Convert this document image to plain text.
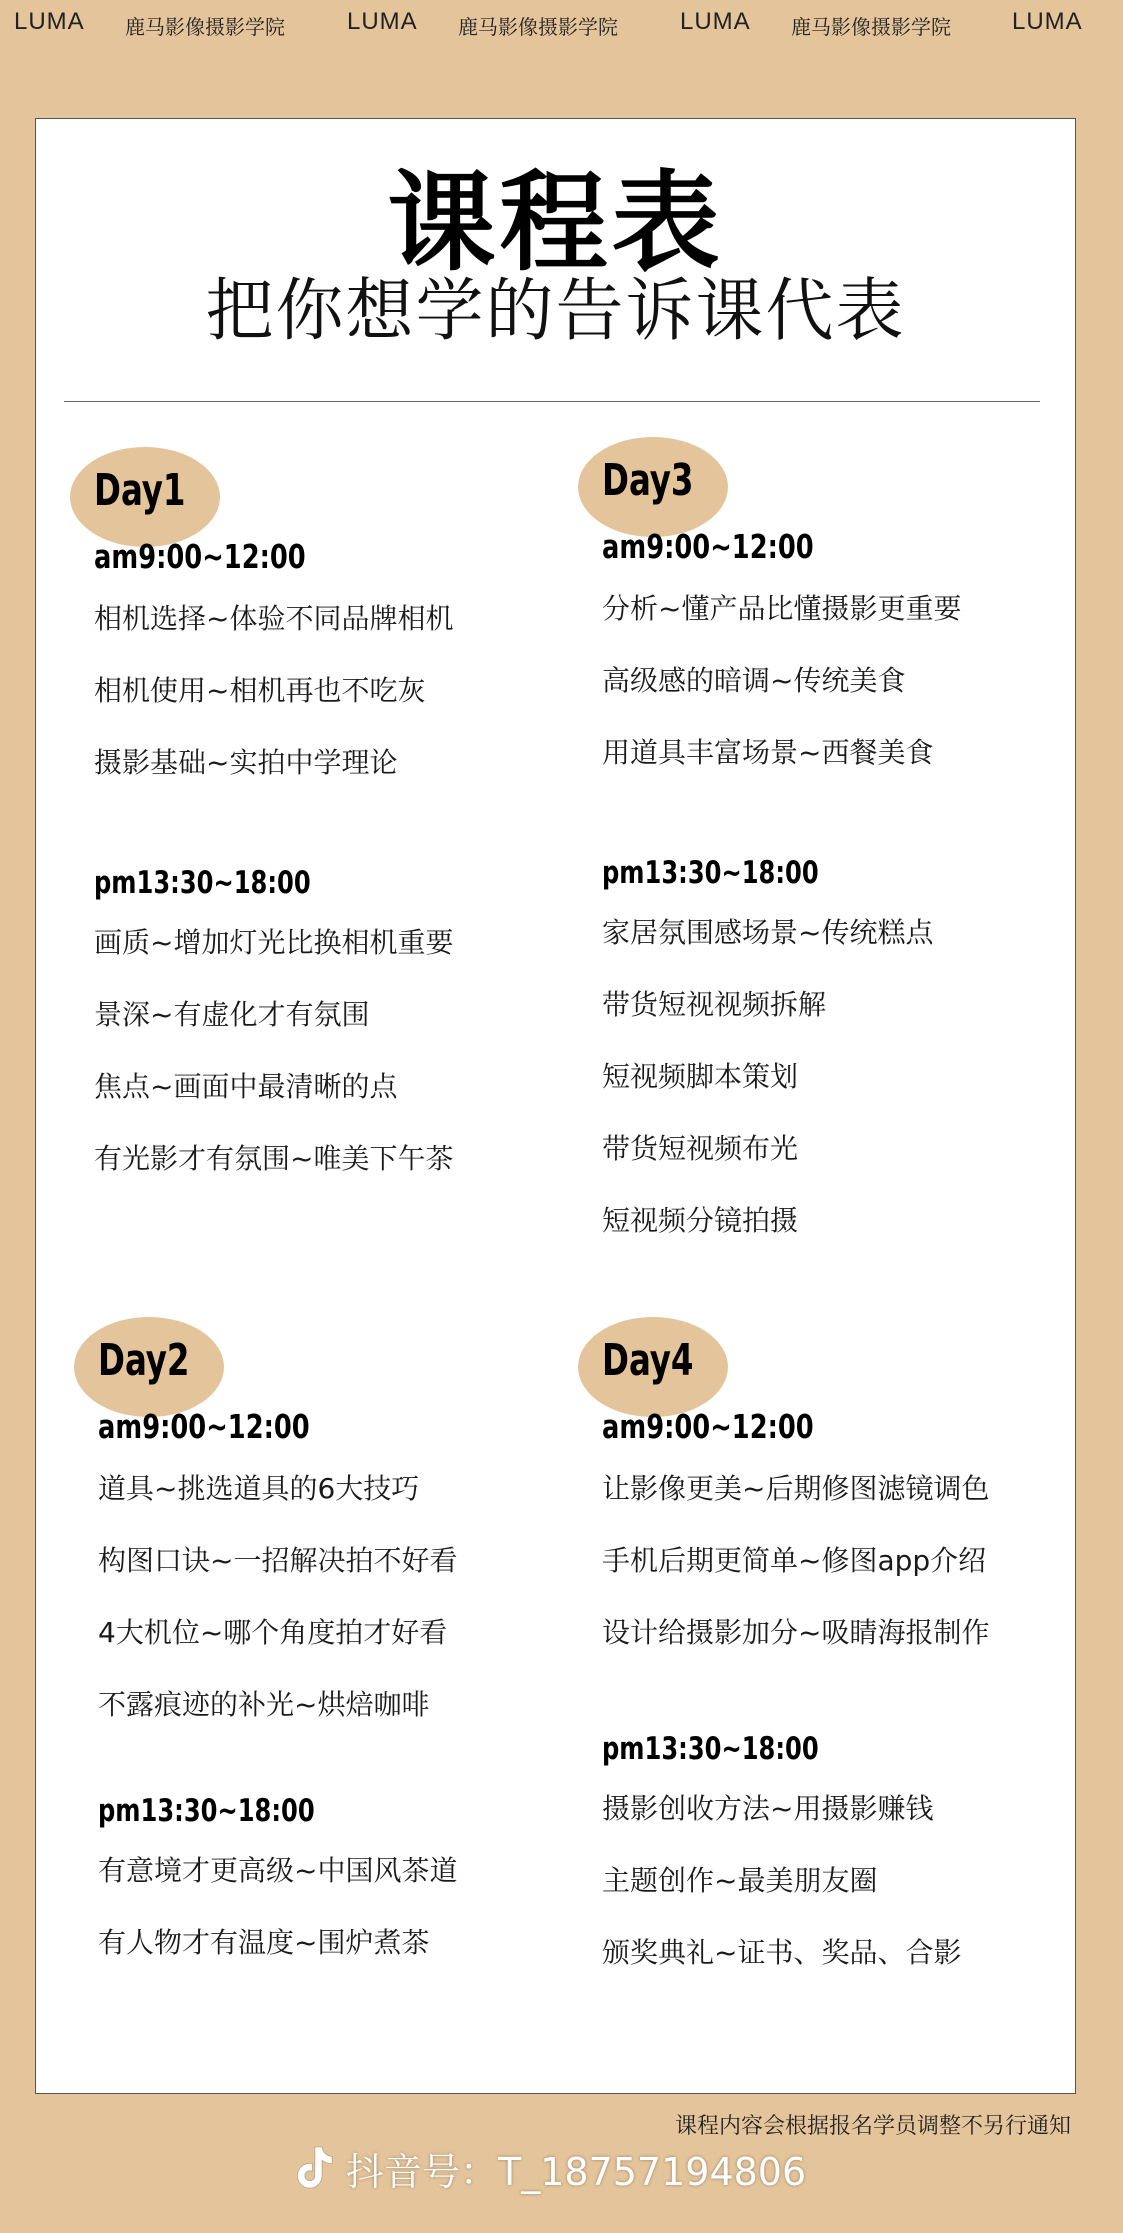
LUMA 鹿马影像摄影学院	LUMA 鹿马影像摄影学院	LUMA 鹿马影像摄影学院	LUMA
课程表
把你想学的告诉课代表
Day1
am9:00~12:00
相机选择~体验不同品牌相机
相机使用~相机再也不吃灰
摄影基础~实拍中学理论
pm13:30~18:00
画质~增加灯光比换相机重要
景深~有虚化才有氛围
焦点~画面中最清晰的点
有光影才有氛围~唯美下午茶
Day3
am9:00~12:00
分析~懂产品比懂摄影更重要
高级感的暗调~传统美食
用道具丰富场景~西餐美食
pm13:30~18:00
家居氛围感场景~传统糕点
带货短视视频拆解
短视频脚本策划
带货短视频布光
短视频分镜拍摄
Day2
am9:00~12:00
道具~挑选道具的6大技巧
构图口诀~一招解决拍不好看
4大机位~哪个角度拍才好看
不露痕迹的补光~烘焙咖啡
pm13:30~18:00
有意境才更高级~中国风茶道
有人物才有温度~围炉煮茶
Day4
am9:00~12:00
让影像更美~后期修图滤镜调色
手机后期更简单~修图app介绍
设计给摄影加分~吸睛海报制作
pm13:30~18:00
摄影创收方法~用摄影赚钱
主题创作~最美朋友圈
颁奖典礼~证书、奖品、合影
课程内容会根据报名学员调整不另行通知
抖音号：T_18757194806
